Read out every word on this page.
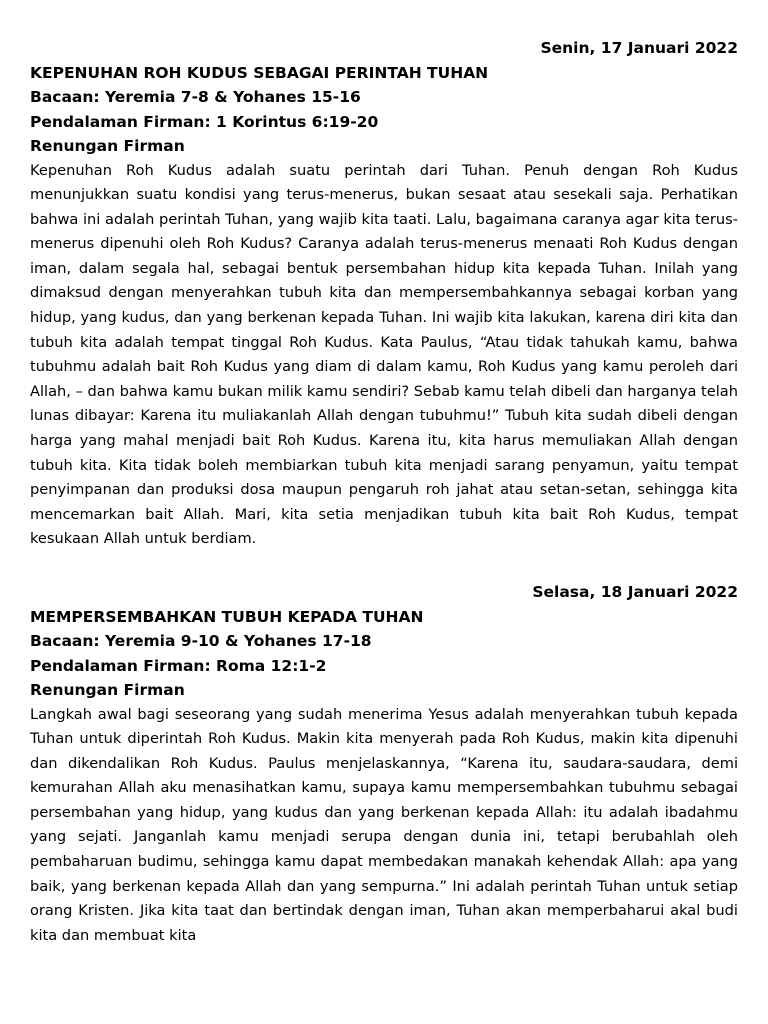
Senin, 17 Januari 2022

KEPENUHAN ROH KUDUS SEBAGAI PERINTAH TUHAN

Bacaan: Yeremia 7-8 & Yohanes 15-16

Pendalaman Firman: 1 Korintus 6:19-20

Renungan Firman

Kepenuhan Roh Kudus adalah suatu perintah dari Tuhan. Penuh dengan Roh Kudus menunjukkan suatu kondisi yang terus-menerus, bukan sesaat atau sesekali saja. Perhatikan bahwa ini adalah perintah Tuhan, yang wajib kita taati. Lalu, bagaimana caranya agar kita terus-menerus dipenuhi oleh Roh Kudus? Caranya adalah terus-menerus menaati Roh Kudus dengan iman, dalam segala hal, sebagai bentuk persembahan hidup kita kepada Tuhan. Inilah yang dimaksud dengan menyerahkan tubuh kita dan mempersembahkannya sebagai korban yang hidup, yang kudus, dan yang berkenan kepada Tuhan. Ini wajib kita lakukan, karena diri kita dan tubuh kita adalah tempat tinggal Roh Kudus. Kata Paulus, “Atau tidak tahukah kamu, bahwa tubuhmu adalah bait Roh Kudus yang diam di dalam kamu, Roh Kudus yang kamu peroleh dari Allah, – dan bahwa kamu bukan milik kamu sendiri? Sebab kamu telah dibeli dan harganya telah lunas dibayar: Karena itu muliakanlah Allah dengan tubuhmu!” Tubuh kita sudah dibeli dengan harga yang mahal menjadi bait Roh Kudus. Karena itu, kita harus memuliakan Allah dengan tubuh kita. Kita tidak boleh membiarkan tubuh kita menjadi sarang penyamun, yaitu tempat penyimpanan dan produksi dosa maupun pengaruh roh jahat atau setan-setan, sehingga kita mencemarkan bait Allah. Mari, kita setia menjadikan tubuh kita bait Roh Kudus, tempat kesukaan Allah untuk berdiam.

Selasa, 18 Januari 2022

MEMPERSEMBAHKAN TUBUH KEPADA TUHAN

Bacaan: Yeremia 9-10 & Yohanes 17-18

Pendalaman Firman: Roma 12:1-2

Renungan Firman

Langkah awal bagi seseorang yang sudah menerima Yesus adalah menyerahkan tubuh kepada Tuhan untuk diperintah Roh Kudus. Makin kita menyerah pada Roh Kudus, makin kita dipenuhi dan dikendalikan Roh Kudus. Paulus menjelaskannya, “Karena itu, saudara-saudara, demi kemurahan Allah aku menasihatkan kamu, supaya kamu mempersembahkan tubuhmu sebagai persembahan yang hidup, yang kudus dan yang berkenan kepada Allah: itu adalah ibadahmu yang sejati. Janganlah kamu menjadi serupa dengan dunia ini, tetapi berubahlah oleh pembaharuan budimu, sehingga kamu dapat membedakan manakah kehendak Allah: apa yang baik, yang berkenan kepada Allah dan yang sempurna.” Ini adalah perintah Tuhan untuk setiap orang Kristen. Jika kita taat dan bertindak dengan iman, Tuhan akan memperbaharui akal budi kita dan membuat kita
